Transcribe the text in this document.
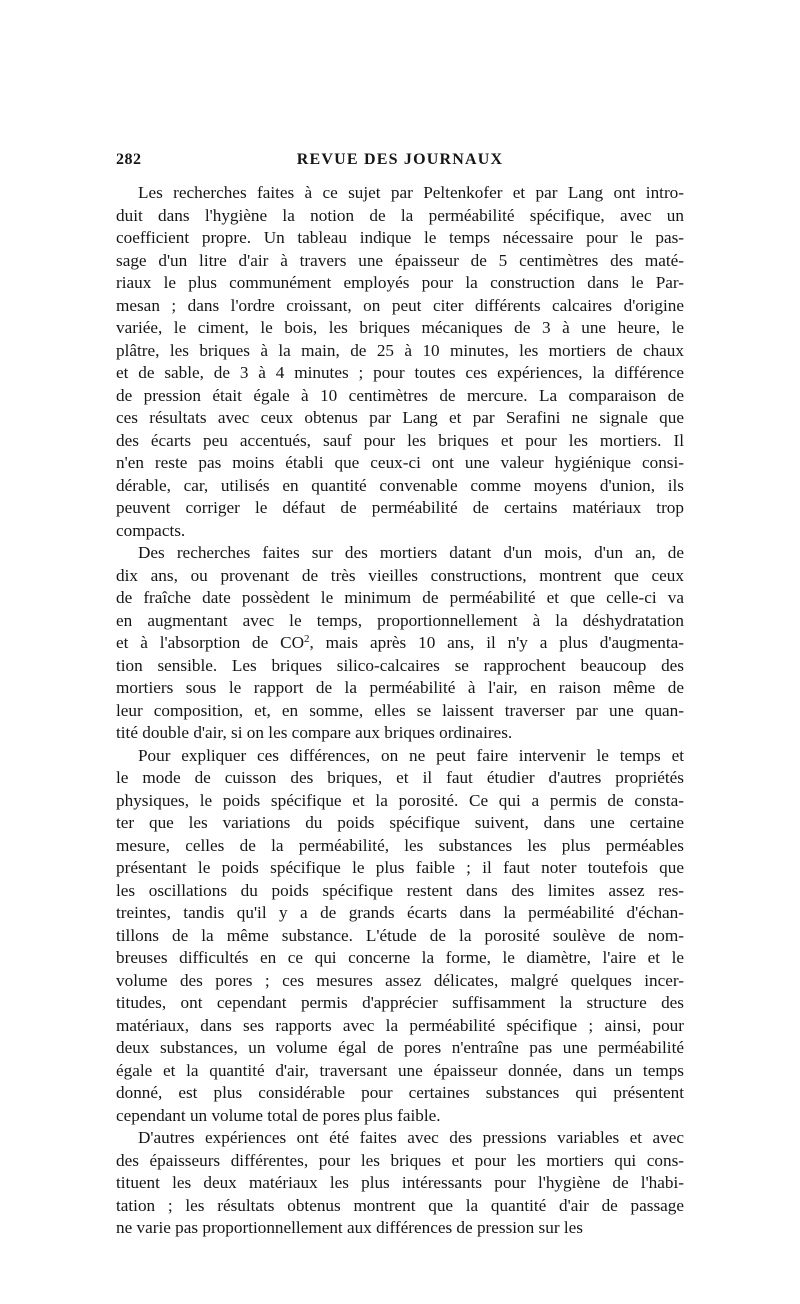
282	REVUE DES JOURNAUX
Les recherches faites à ce sujet par Peltenkofer et par Lang ont intro-
duit dans l'hygiène la notion de la perméabilité spécifique, avec un
coefficient propre. Un tableau indique le temps nécessaire pour le pas-
sage d'un litre d'air à travers une épaisseur de 5 centimètres des maté-
riaux le plus communément employés pour la construction dans le Par-
mesan ; dans l'ordre croissant, on peut citer différents calcaires d'origine
variée, le ciment, le bois, les briques mécaniques de 3 à une heure, le
plâtre, les briques à la main, de 25 à 10 minutes, les mortiers de chaux
et de sable, de 3 à 4 minutes ; pour toutes ces expériences, la différence
de pression était égale à 10 centimètres de mercure. La comparaison de
ces résultats avec ceux obtenus par Lang et par Serafini ne signale que
des écarts peu accentués, sauf pour les briques et pour les mortiers. Il
n'en reste pas moins établi que ceux-ci ont une valeur hygiénique consi-
dérable, car, utilisés en quantité convenable comme moyens d'union, ils
peuvent corriger le défaut de perméabilité de certains matériaux trop
compacts.
Des recherches faites sur des mortiers datant d'un mois, d'un an, de
dix ans, ou provenant de très vieilles constructions, montrent que ceux
de fraîche date possèdent le minimum de perméabilité et que celle-ci va
en augmentant avec le temps, proportionnellement à la déshydratation
et à l'absorption de $CO^2$, mais après 10 ans, il n'y a plus d'augmenta-
tion sensible. Les briques silico-calcaires se rapprochent beaucoup des
mortiers sous le rapport de la perméabilité à l'air, en raison même de
leur composition, et, en somme, elles se laissent traverser par une quan-
tité double d'air, si on les compare aux briques ordinaires.
Pour expliquer ces différences, on ne peut faire intervenir le temps et
le mode de cuisson des briques, et il faut étudier d'autres propriétés
physiques, le poids spécifique et la porosité. Ce qui a permis de consta-
ter que les variations du poids spécifique suivent, dans une certaine
mesure, celles de la perméabilité, les substances les plus perméables
présentant le poids spécifique le plus faible ; il faut noter toutefois que
les oscillations du poids spécifique restent dans des limites assez res-
treintes, tandis qu'il y a de grands écarts dans la perméabilité d'échan-
tillons de la même substance. L'étude de la porosité soulève de nom-
breuses difficultés en ce qui concerne la forme, le diamètre, l'aire et le
volume des pores ; ces mesures assez délicates, malgré quelques incer-
titudes, ont cependant permis d'apprécier suffisamment la structure des
matériaux, dans ses rapports avec la perméabilité spécifique ; ainsi, pour
deux substances, un volume égal de pores n'entraîne pas une perméabilité
égale et la quantité d'air, traversant une épaisseur donnée, dans un temps
donné, est plus considérable pour certaines substances qui présentent
cependant un volume total de pores plus faible.
D'autres expériences ont été faites avec des pressions variables et avec
des épaisseurs différentes, pour les briques et pour les mortiers qui cons-
tituent les deux matériaux les plus intéressants pour l'hygiène de l'habi-
tation ; les résultats obtenus montrent que la quantité d'air de passage
ne varie pas proportionnellement aux différences de pression sur les
